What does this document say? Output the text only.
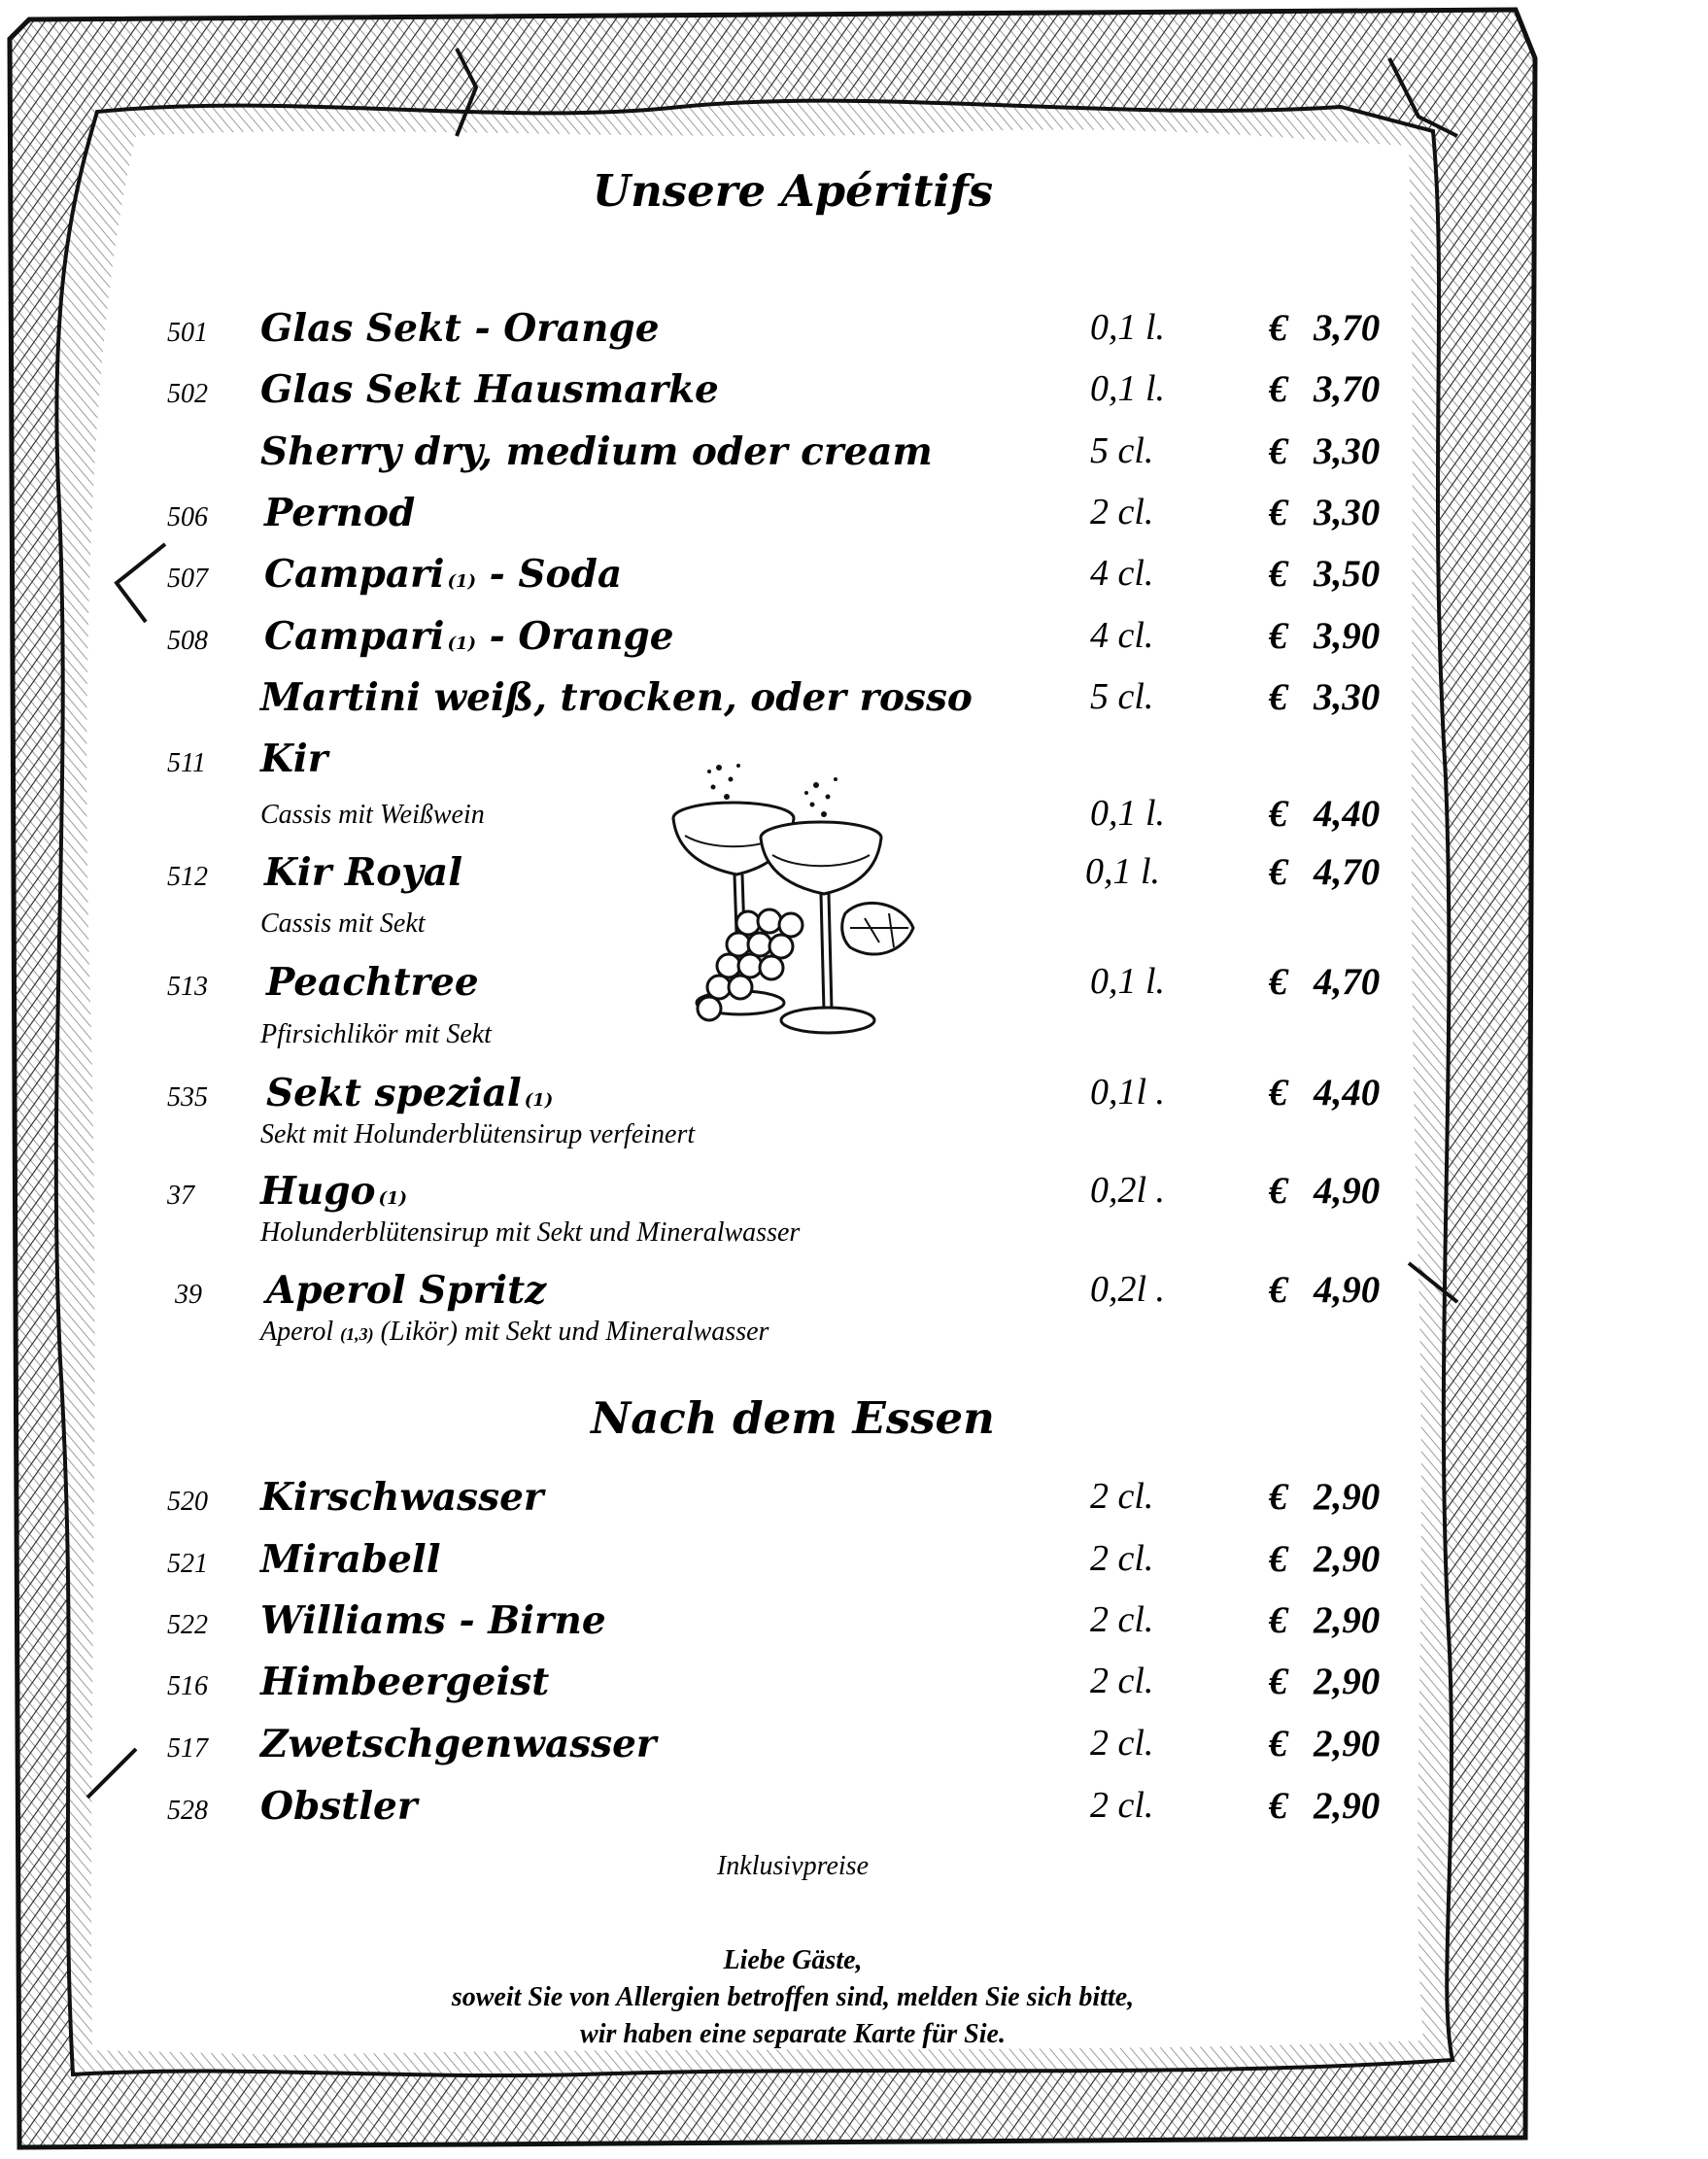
Unsere Apéritifs
501 Glas Sekt - Orange	0,1 l.	€ 3,70
502 Glas Sekt Hausmarke	0,1 l.	€ 3,70
Sherry dry, medium oder cream	5 cl.	€ 3,30
506 Pernod	2 cl.	€ 3,30
507 Campari (1) - Soda	4 cl.	€ 3,50
508 Campari (1) - Orange	4 cl.	€ 3,90
Martini weiß, trocken, oder rosso	5 cl.	€ 3,30
511 Kir
Cassis mit Weißwein	0,1 l.	€ 4,40
512 Kir Royal	0,1 l.	€ 4,70
Cassis mit Sekt
513 Peachtree	0,1 l.	€ 4,70
Pfirsichlikör mit Sekt
535 Sekt spezial (1)	0,1l .	€ 4,40
Sekt mit Holunderblütensirup verfeinert
37 Hugo (1)	0,2l .	€ 4,90
Holunderblütensirup mit Sekt und Mineralwasser
39 Aperol Spritz	0,2l .	€ 4,90
Aperol (1,3) (Likör) mit Sekt und Mineralwasser
Nach dem Essen
520 Kirschwasser	2 cl.	€ 2,90
521 Mirabell	2 cl.	€ 2,90
522 Williams - Birne	2 cl.	€ 2,90
516 Himbeergeist	2 cl.	€ 2,90
517 Zwetschgenwasser	2 cl.	€ 2,90
528 Obstler	2 cl.	€ 2,90
Inklusivpreise
Liebe Gäste,
soweit Sie von Allergien betroffen sind, melden Sie sich bitte,
wir haben eine separate Karte für Sie.
